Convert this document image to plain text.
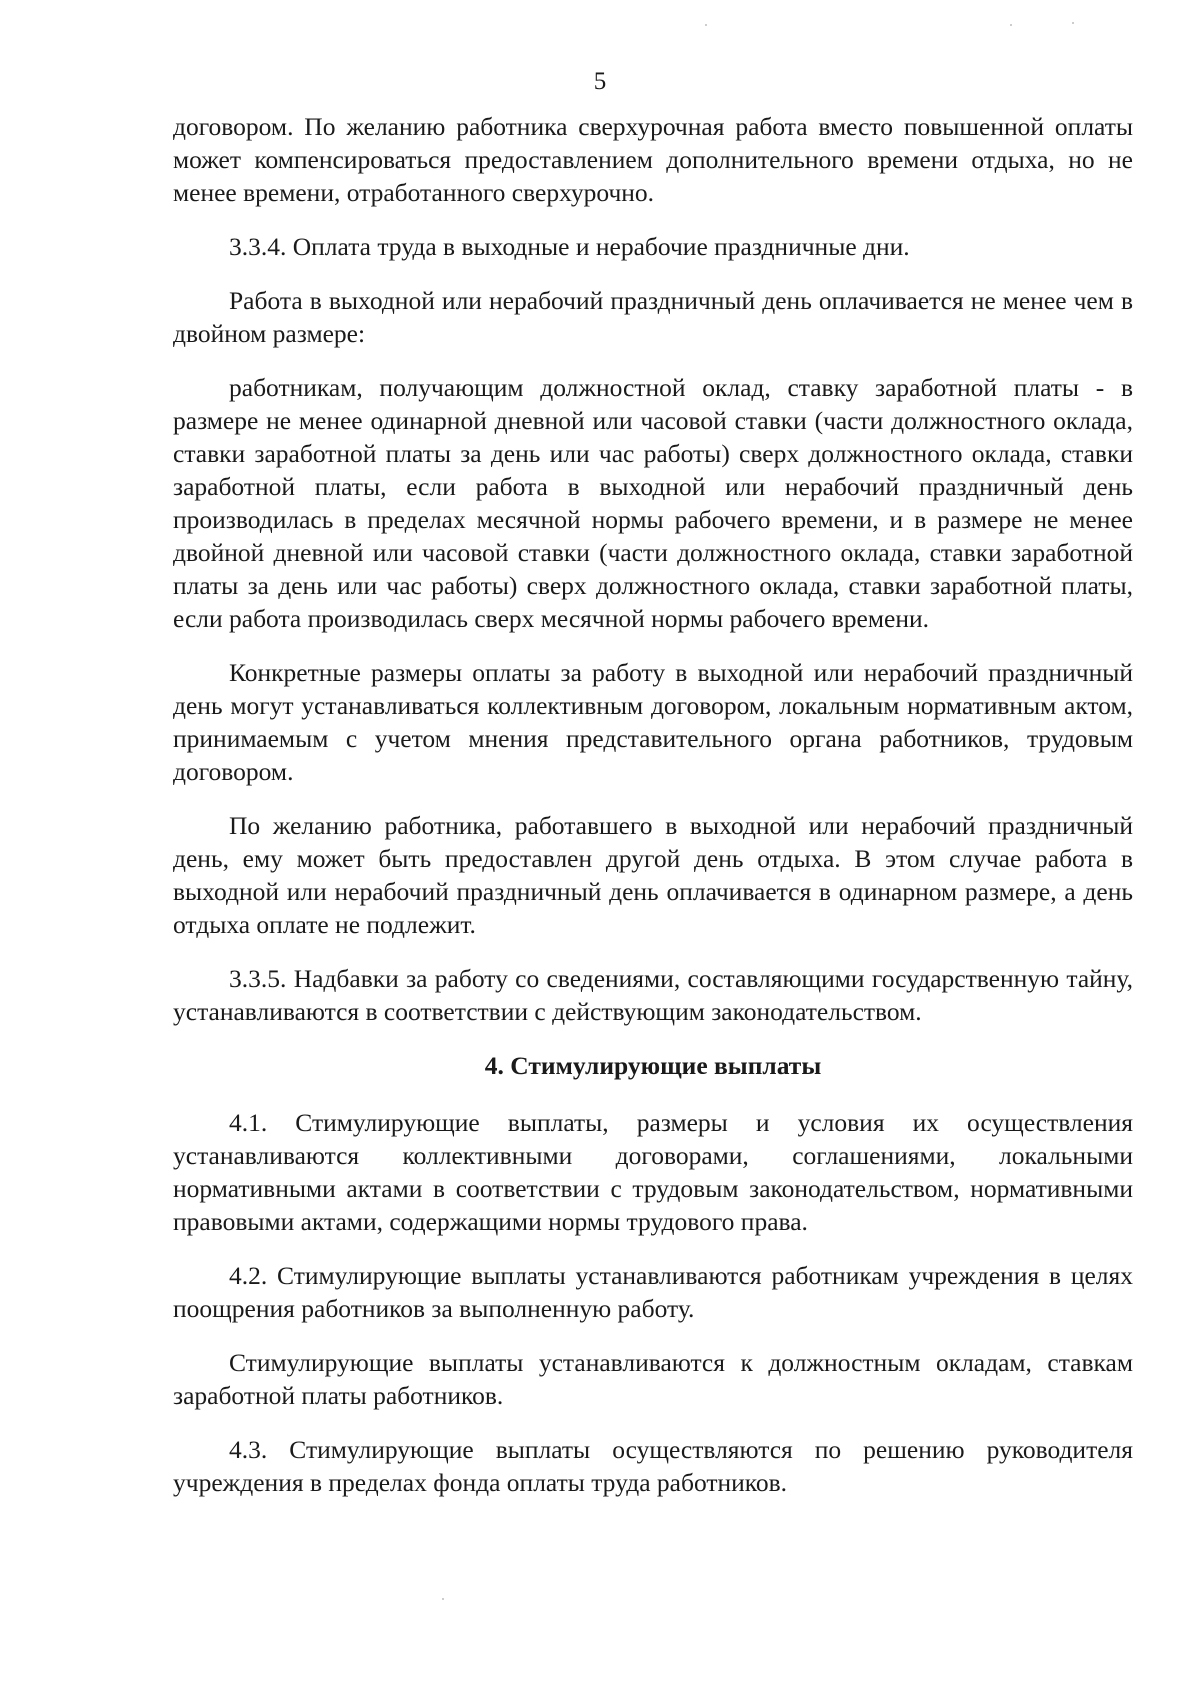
5

договором. По желанию работника сверхурочная работа вместо повышенной оплаты может компенсироваться предоставлением дополнительного времени отдыха, но не менее времени, отработанного сверхурочно.

3.3.4. Оплата труда в выходные и нерабочие праздничные дни.

Работа в выходной или нерабочий праздничный день оплачивается не менее чем в двойном размере:

работникам, получающим должностной оклад, ставку заработной платы - в размере не менее одинарной дневной или часовой ставки (части должностного оклада, ставки заработной платы за день или час работы) сверх должностного оклада, ставки заработной платы, если работа в выходной или нерабочий праздничный день производилась в пределах месячной нормы рабочего времени, и в размере не менее двойной дневной или часовой ставки (части должностного оклада, ставки заработной платы за день или час работы) сверх должностного оклада, ставки заработной платы, если работа производилась сверх месячной нормы рабочего времени.

Конкретные размеры оплаты за работу в выходной или нерабочий праздничный день могут устанавливаться коллективным договором, локальным нормативным актом, принимаемым с учетом мнения представительного органа работников, трудовым договором.

По желанию работника, работавшего в выходной или нерабочий праздничный день, ему может быть предоставлен другой день отдыха. В этом случае работа в выходной или нерабочий праздничный день оплачивается в одинарном размере, а день отдыха оплате не подлежит.

3.3.5. Надбавки за работу со сведениями, составляющими государственную тайну, устанавливаются в соответствии с действующим законодательством.

4. Стимулирующие выплаты

4.1. Стимулирующие выплаты, размеры и условия их осуществления устанавливаются коллективными договорами, соглашениями, локальными нормативными актами в соответствии с трудовым законодательством, нормативными правовыми актами, содержащими нормы трудового права.

4.2. Стимулирующие выплаты устанавливаются работникам учреждения в целях поощрения работников за выполненную работу.

Стимулирующие выплаты устанавливаются к должностным окладам, ставкам заработной платы работников.

4.3. Стимулирующие выплаты осуществляются по решению руководителя учреждения в пределах фонда оплаты труда работников.
